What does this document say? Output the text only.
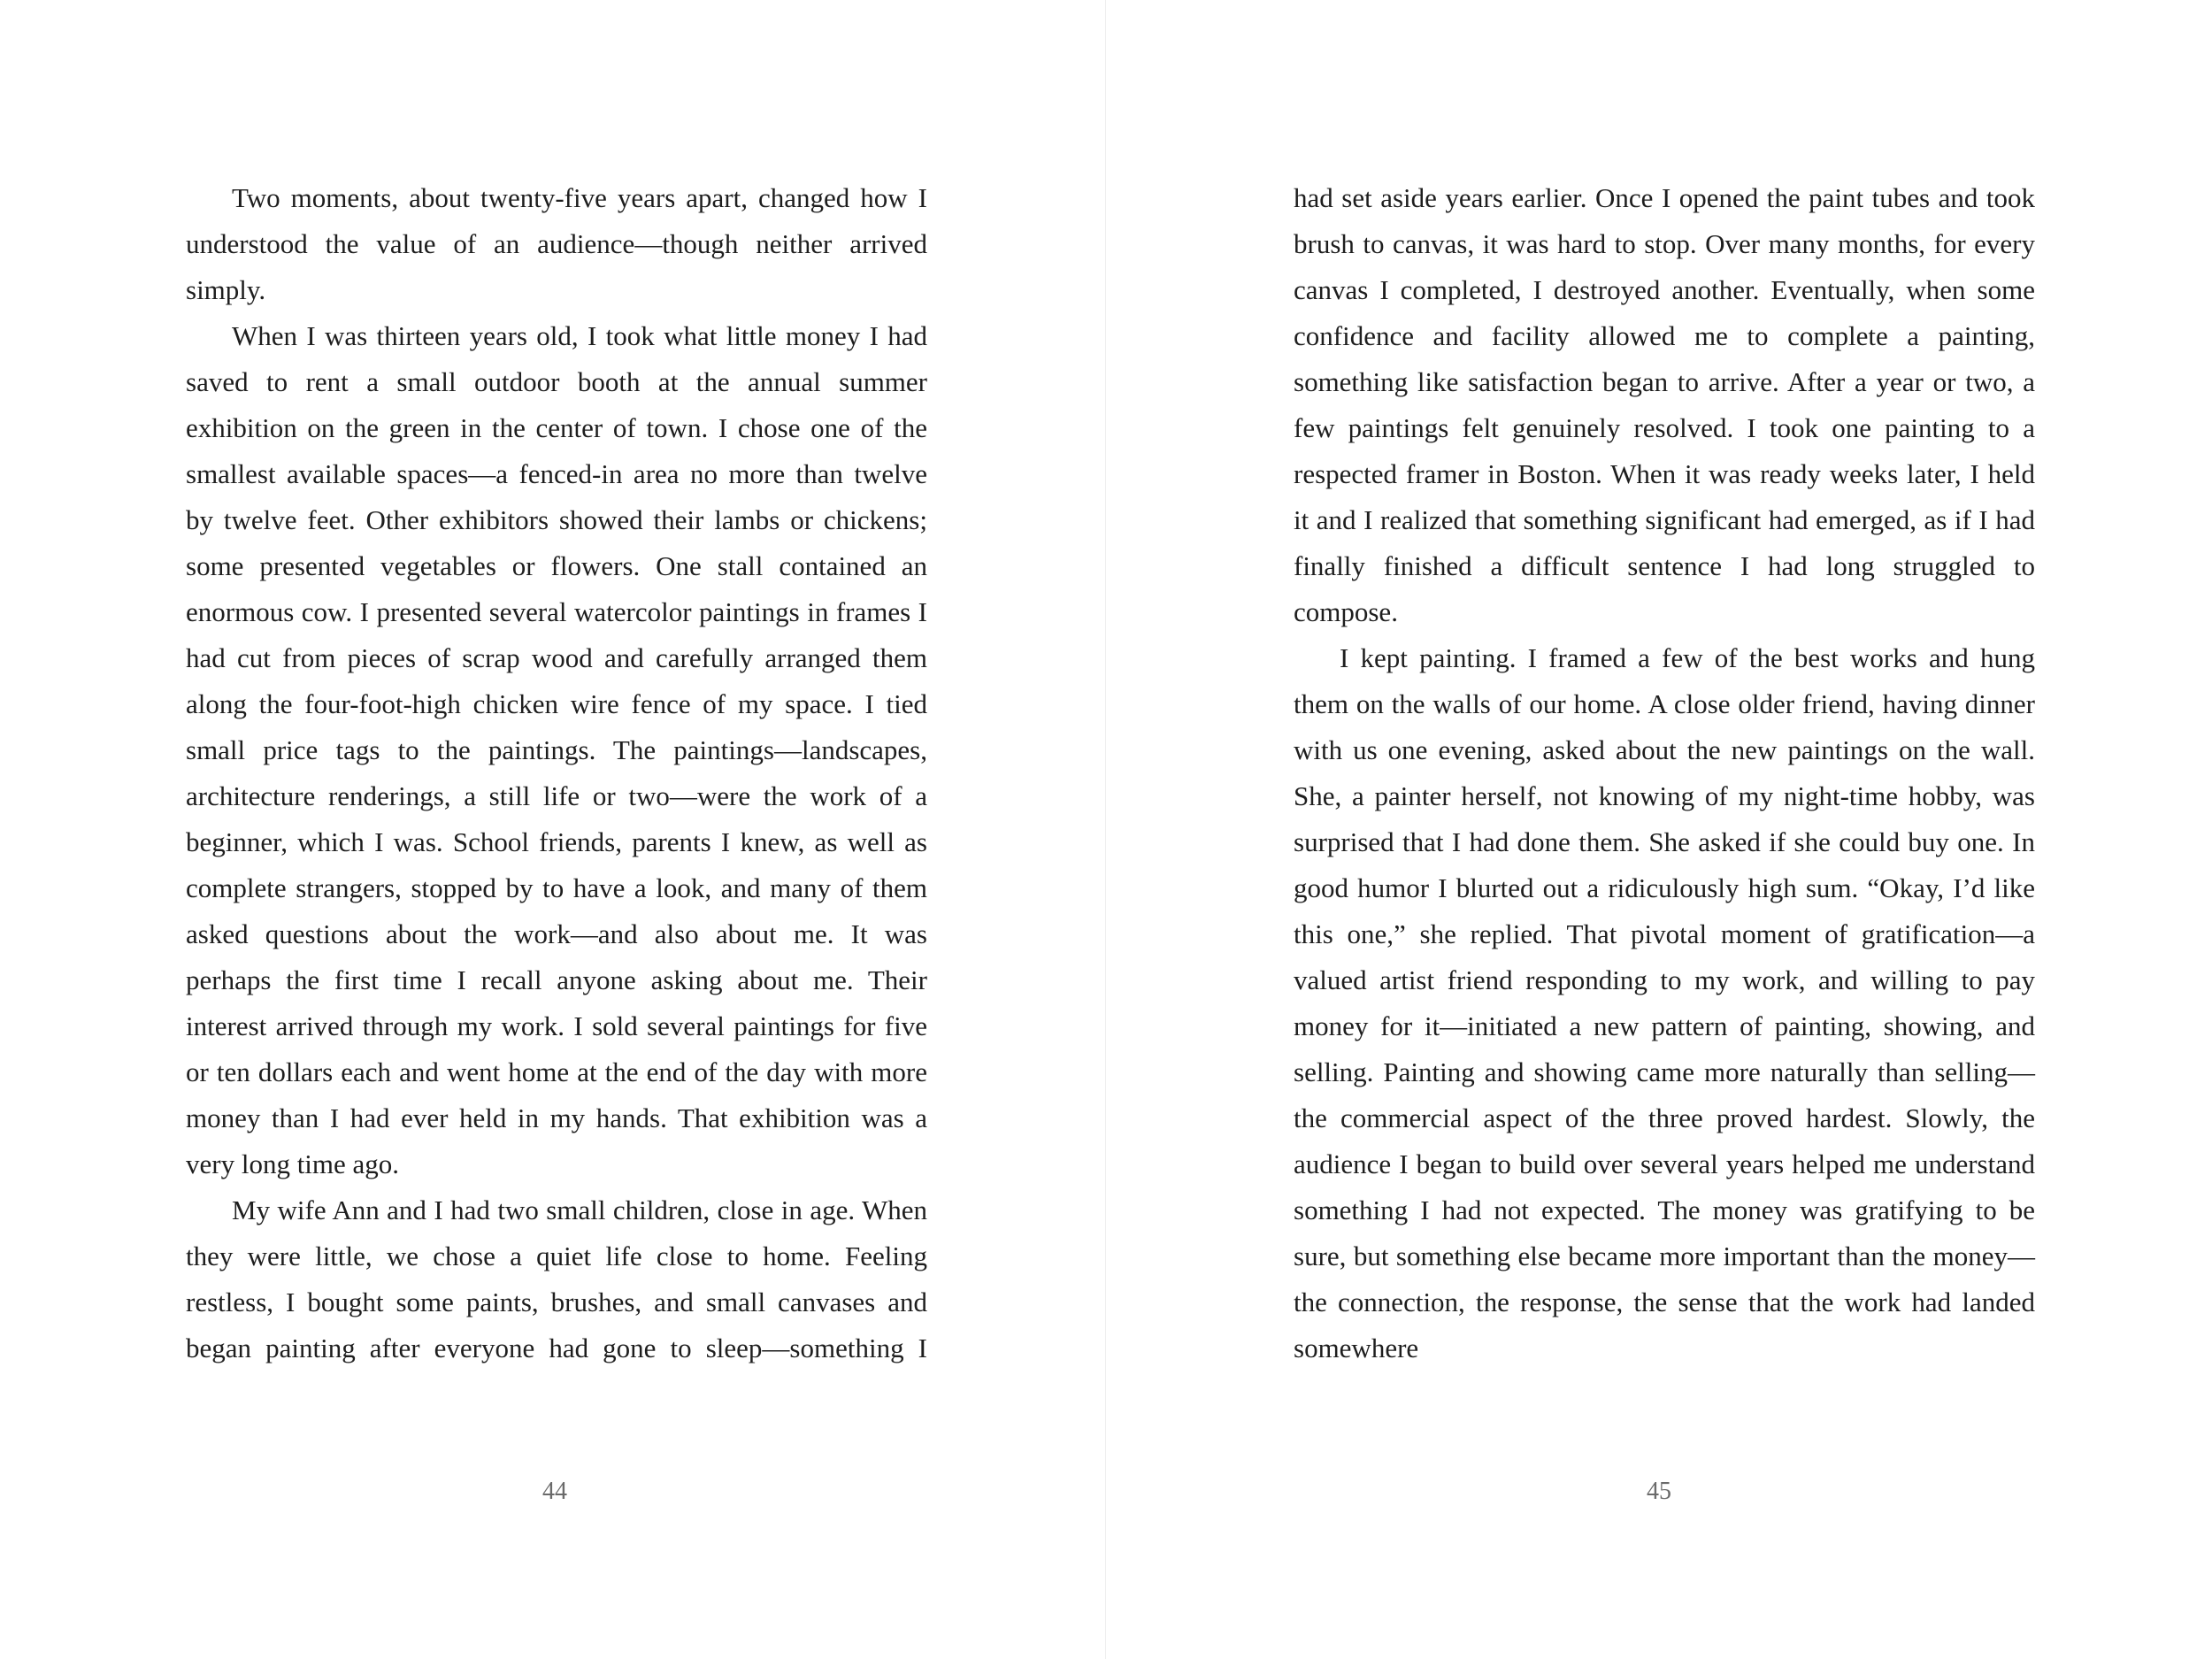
Two moments, about twenty-five years apart, changed how I understood the value of an audience—though neither arrived simply.

When I was thirteen years old, I took what little money I had saved to rent a small outdoor booth at the annual summer exhibition on the green in the center of town. I chose one of the smallest available spaces—a fenced-in area no more than twelve by twelve feet. Other exhibitors showed their lambs or chickens; some presented vegetables or flowers. One stall contained an enormous cow. I presented several watercolor paintings in frames I had cut from pieces of scrap wood and carefully arranged them along the four-foot-high chicken wire fence of my space. I tied small price tags to the paintings. The paintings—landscapes, architecture renderings, a still life or two—were the work of a beginner, which I was. School friends, parents I knew, as well as complete strangers, stopped by to have a look, and many of them asked questions about the work—and also about me. It was perhaps the first time I recall anyone asking about me. Their interest arrived through my work. I sold several paintings for five or ten dollars each and went home at the end of the day with more money than I had ever held in my hands. That exhibition was a very long time ago.

My wife Ann and I had two small children, close in age. When they were little, we chose a quiet life close to home. Feeling restless, I bought some paints, brushes, and small canvases and began painting after everyone had gone to sleep—something I

44

had set aside years earlier. Once I opened the paint tubes and took brush to canvas, it was hard to stop. Over many months, for every canvas I completed, I destroyed another. Eventually, when some confidence and facility allowed me to complete a painting, something like satisfaction began to arrive. After a year or two, a few paintings felt genuinely resolved. I took one painting to a respected framer in Boston. When it was ready weeks later, I held it and I realized that something significant had emerged, as if I had finally finished a difficult sentence I had long struggled to compose.

I kept painting. I framed a few of the best works and hung them on the walls of our home. A close older friend, having dinner with us one evening, asked about the new paintings on the wall. She, a painter herself, not knowing of my night-time hobby, was surprised that I had done them. She asked if she could buy one. In good humor I blurted out a ridiculously high sum. “Okay, I’d like this one,” she replied. That pivotal moment of gratification—a valued artist friend responding to my work, and willing to pay money for it—initiated a new pattern of painting, showing, and selling. Painting and showing came more naturally than selling—the commercial aspect of the three proved hardest. Slowly, the audience I began to build over several years helped me understand something I had not expected. The money was gratifying to be sure, but something else became more important than the money—the connection, the response, the sense that the work had landed somewhere

45
